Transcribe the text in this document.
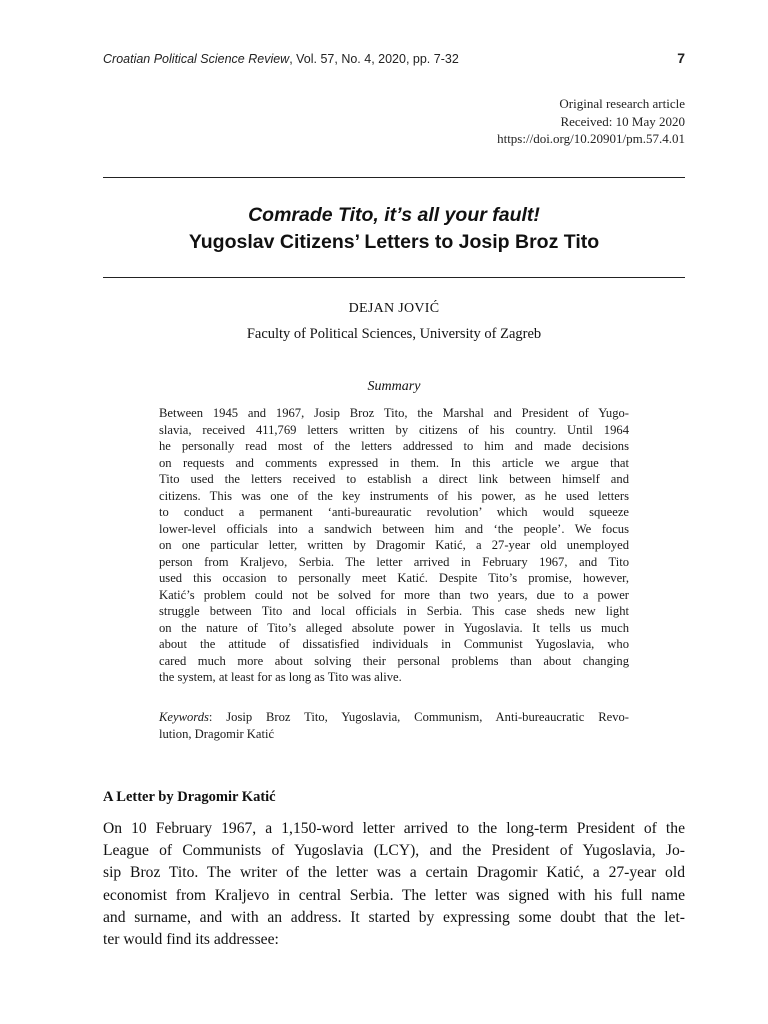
Croatian Political Science Review, Vol. 57, No. 4, 2020, pp. 7-32	7
Original research article
Received: 10 May 2020
https://doi.org/10.20901/pm.57.4.01
Comrade Tito, it’s all your fault!
Yugoslav Citizens’ Letters to Josip Broz Tito
DEJAN JOVIĆ
Faculty of Political Sciences, University of Zagreb
Summary
Between 1945 and 1967, Josip Broz Tito, the Marshal and President of Yugo-
slavia, received 411,769 letters written by citizens of his country. Until 1964
he personally read most of the letters addressed to him and made decisions
on requests and comments expressed in them. In this article we argue that
Tito used the letters received to establish a direct link between himself and
citizens. This was one of the key instruments of his power, as he used letters
to conduct a permanent ‘anti-bureauratic revolution’ which would squeeze
lower-level officials into a sandwich between him and ‘the people’. We focus
on one particular letter, written by Dragomir Katić, a 27-year old unemployed
person from Kraljevo, Serbia. The letter arrived in February 1967, and Tito
used this occasion to personally meet Katić. Despite Tito’s promise, however,
Katić’s problem could not be solved for more than two years, due to a power
struggle between Tito and local officials in Serbia. This case sheds new light
on the nature of Tito’s alleged absolute power in Yugoslavia. It tells us much
about the attitude of dissatisfied individuals in Communist Yugoslavia, who
cared much more about solving their personal problems than about changing
the system, at least for as long as Tito was alive.
Keywords: Josip Broz Tito, Yugoslavia, Communism, Anti-bureaucratic Revo-
lution, Dragomir Katić
A Letter by Dragomir Katić
On 10 February 1967, a 1,150-word letter arrived to the long-term President of the
League of Communists of Yugoslavia (LCY), and the President of Yugoslavia, Jo-
sip Broz Tito. The writer of the letter was a certain Dragomir Katić, a 27-year old
economist from Kraljevo in central Serbia. The letter was signed with his full name
and surname, and with an address. It started by expressing some doubt that the let-
ter would find its addressee:
